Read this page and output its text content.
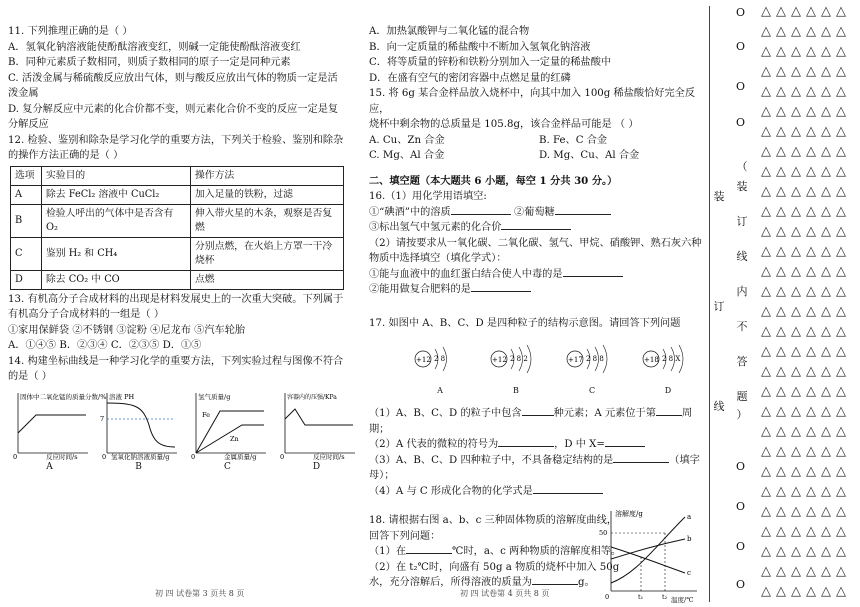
11. 下列推理正确的是（ ）

A．氢氧化钠溶液能使酚酞溶液变红，则碱一定能使酚酞溶液变红

B．同种元素质子数相同，则质子数相同的原子一定是同种元素

C. 活泼金属与稀硫酸反应放出气体，则与酸反应放出气体的物质一定是活

泼金属

D. 复分解反应中元素的化合价都不变，则元素化合价不变的反应一定是复

分解反应

12. 检验、鉴别和除杂是学习化学的重要方法，下列关于检验、鉴别和除杂

的操作方法正确的是（ ）

选项	实验目的	操作方法
A	除去 FeCl₂ 溶液中 CuCl₂	加入足量的铁粉，过滤
B	检验人呼出的气体中是否含有 O₂	伸入带火星的木条，观察是否复燃
C	鉴别 H₂ 和 CH₄	分别点燃，在火焰上方罩一干冷烧杯
D	除去 CO₂ 中 CO	点燃

13. 有机高分子合成材料的出现是材料发展史上的一次重大突破。下列属于

有机高分子合成材料的一组是（ ）

①家用保鲜袋 ②不锈钢 ③淀粉 ④尼龙布 ⑤汽车轮胎

A．①④⑤ B．②③④ C．②③⑤ D．①⑤

14. 构建坐标曲线是一种学习化学的重要方法，下列实验过程与图像不符合

的是（ ）

固体中二氧化锰的质量分数/%
0	反应时间/s
A
溶液 PH
7
0 氢氧化钠溶液质量/g
B
氢气质量/g
Fe
Zn
0	金属质量/g
C
容器内的压强/KPa
0	反应时间/s
D
初 四 试卷第 3 页共 8 页

A．加热氯酸钾与二氧化锰的混合物

B．向一定质量的稀盐酸中不断加入氢氧化钠溶液

C．将等质量的锌粉和铁粉分别加入一定量的稀盐酸中

D．在盛有空气的密闭容器中点燃足量的红磷

15. 将 6g 某合金样品放入烧杯中，向其中加入 100g 稀盐酸恰好完全反应，

烧杯中剩余物的总质量是 105.8g，该合金样品可能是 （ ）

A. Cu、Zn 合金	B. Fe、C 合金
C. Mg、Al 合金	D. Mg、Cu、Al 合金

二、填空题（本大题共 6 小题，每空 1 分共 30 分。）

16.（1）用化学用语填空:

①“碘酒”中的溶质	②葡萄糖

③标出氢气中氢元素的化合价

（2）请按要求从一氧化碳、二氧化碳、氢气、甲烷、硝酸钾、熟石灰六种

物质中选择填空（填化学式）：

①能与血液中的血红蛋白结合使人中毒的是

②能用做复合肥料的是

17. 如图中 A、B、C、D 是四种粒子的结构示意图。请回答下列问题

+12 2 8
A
+12 2 8 2
B
+17 2 8 8
C
+18 2 8 X
D

（1）A、B、C、D 的粒子中包含	种元素；A 元素位于第	周期；

（2）A 代表的微粒的符号为	，D 中 X=

（3）A、B、C、D 四种粒子中，不具备稳定结构的是	（填字母）；

（4）A 与 C 形成化合物的化学式是

18. 请根据右图 a、b、c 三种固体物质的溶解度曲线，

回答下列问题：

（1）在	℃时，a、c 两种物质的溶解度相等。

（2）在 t₂℃时，向盛有 50g a 物质的烧杯中加入 50g

水，充分溶解后，所得溶液的质量为	g。

溶解度/g
50
a
b
c
0	t₁	t₂ 温度/℃
初 四 试卷第 4 页共 8 页
装
订
线
O
O
O
O
O
O
O
O
（
装
订
线
内
不
答
题
）
△△△△△△
△△△△△△
△△△△△△
△△△△△△
△△△△△△
△△△△△△
△△△△△△
△△△△△△
△△△△△△
△△△△△△
△△△△△△
△△△△△△
△△△△△△
△△△△△△
△△△△△△
△△△△△△
△△△△△△
△△△△△△
△△△△△△
△△△△△△
△△△△△△
△△△△△△
△△△△△△
△△△△△△
△△△△△△
△△△△△△
△△△△△△
△△△△△△
△△△△△△
△△△△△△
